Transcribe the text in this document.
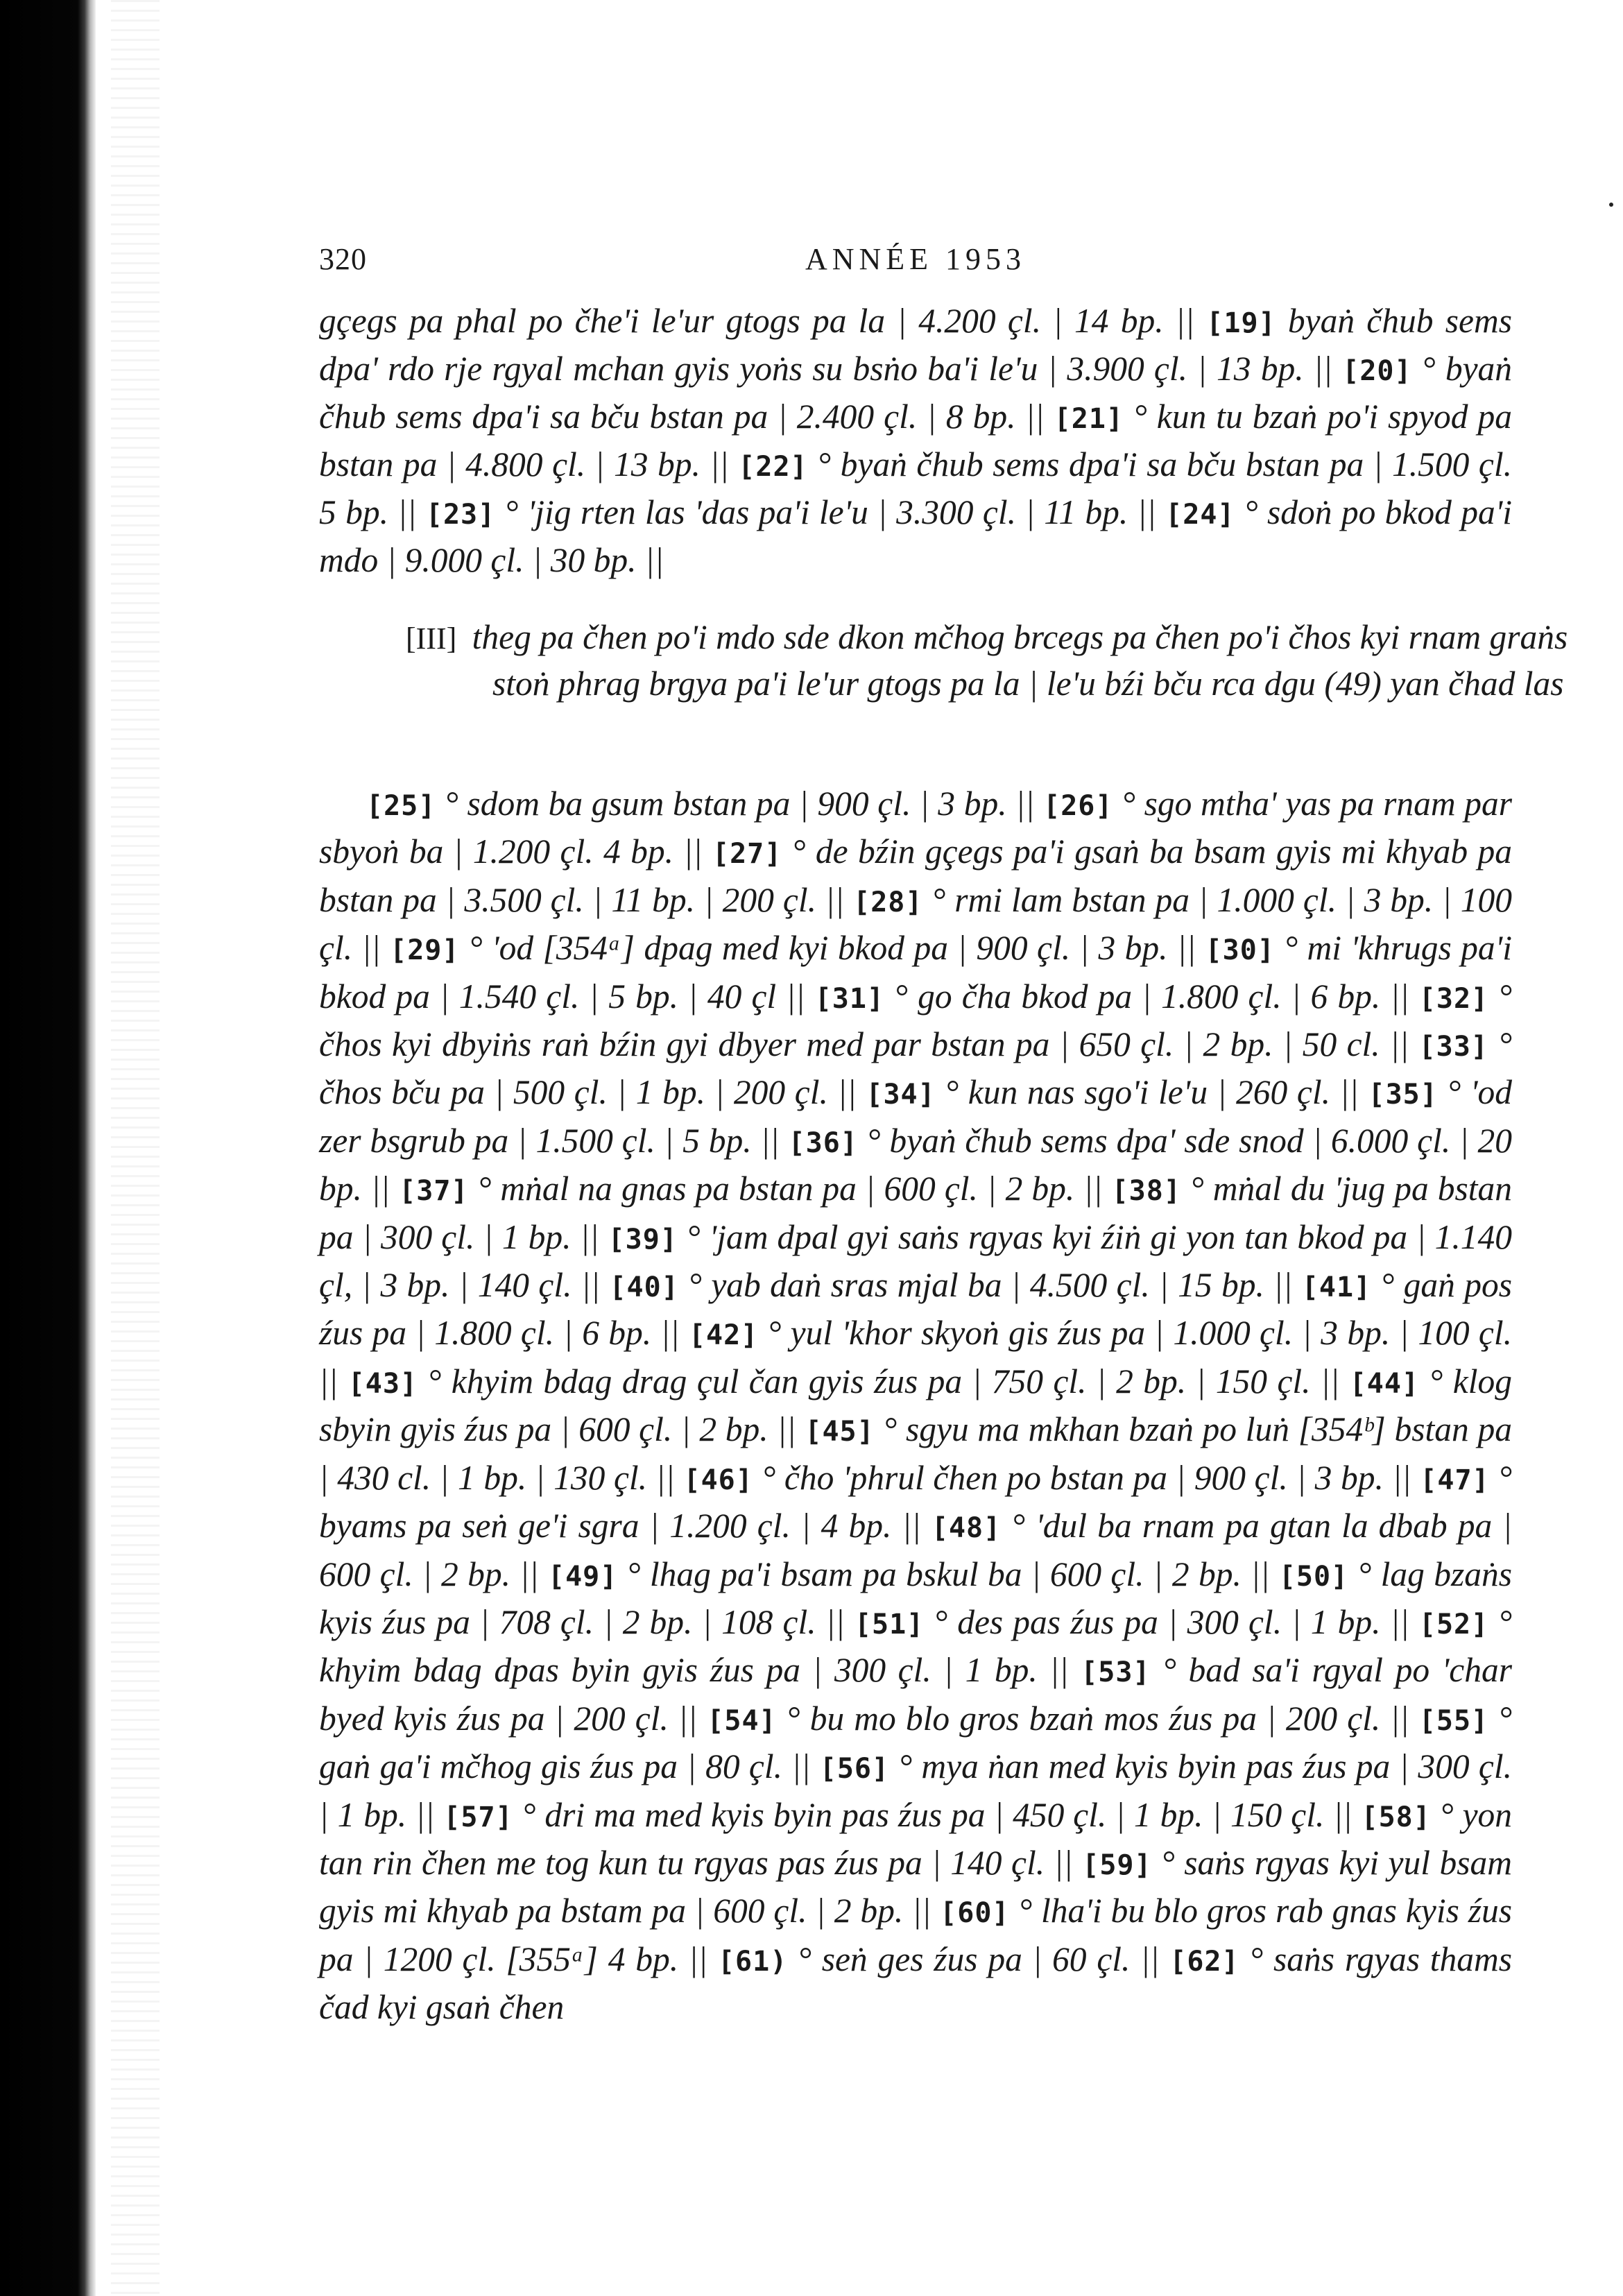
320	ANNÉE 1953
gçegs pa phal po čhe'i le'ur gtogs pa la | 4.200 çl. | 14 bp. || [19] byaṅ čhub sems dpa' rdo rje rgyal mchan gyis yoṅs su bsṅo ba'i le'u | 3.900 çl. | 13 bp. || [20] ° byaṅ čhub sems dpa'i sa bču bstan pa | 2.400 çl. | 8 bp. || [21] ° kun tu bzaṅ po'i spyod pa bstan pa | 4.800 çl. | 13 bp. || [22] ° byaṅ čhub sems dpa'i sa bču bstan pa | 1.500 çl. 5 bp. || [23] ° 'jig rten las 'das pa'i le'u | 3.300 çl. | 11 bp. || [24] ° sdoṅ po bkod pa'i mdo | 9.000 çl. | 30 bp. ||
[III] theg pa čhen po'i mdo sde dkon mčhog brcegs pa čhen po'i čhos kyi rnam graṅs stoṅ phrag brgya pa'i le'ur gtogs pa la | le'u bźi bču rca dgu (49) yan čhad las
[25] ° sdom ba gsum bstan pa | 900 çl. | 3 bp. || [26] ° sgo mtha' yas pa rnam par sbyoṅ ba | 1.200 çl. 4 bp. || [27] ° de bźin gçegs pa'i gsaṅ ba bsam gyis mi khyab pa bstan pa | 3.500 çl. | 11 bp. | 200 çl. || [28] ° rmi lam bstan pa | 1.000 çl. | 3 bp. | 100 çl. || [29] ° 'od [354ᵃ] dpag med kyi bkod pa | 900 çl. | 3 bp. || [30] ° mi 'khrugs pa'i bkod pa | 1.540 çl. | 5 bp. | 40 çl || [31] ° go čha bkod pa | 1.800 çl. | 6 bp. || [32] ° čhos kyi dbyiṅs raṅ bźin gyi dbyer med par bstan pa | 650 çl. | 2 bp. | 50 cl. || [33] ° čhos bču pa | 500 çl. | 1 bp. | 200 çl. || [34] ° kun nas sgo'i le'u | 260 çl. || [35] ° 'od zer bsgrub pa | 1.500 çl. | 5 bp. || [36] ° byaṅ čhub sems dpa' sde snod | 6.000 çl. | 20 bp. || [37] ° mṅal na gnas pa bstan pa | 600 çl. | 2 bp. || [38] ° mṅal du 'jug pa bstan pa | 300 çl. | 1 bp. || [39] ° 'jam dpal gyi saṅs rgyas kyi źiṅ gi yon tan bkod pa | 1.140 çl, | 3 bp. | 140 çl. || [40] ° yab daṅ sras mjal ba | 4.500 çl. | 15 bp. || [41] ° gaṅ pos źus pa | 1.800 çl. | 6 bp. || [42] ° yul 'khor skyoṅ gis źus pa | 1.000 çl. | 3 bp. | 100 çl. || [43] ° khyim bdag drag çul čan gyis źus pa | 750 çl. | 2 bp. | 150 çl. || [44] ° klog sbyin gyis źus pa | 600 çl. | 2 bp. || [45] ° sgyu ma mkhan bzaṅ po luṅ [354ᵇ] bstan pa | 430 cl. | 1 bp. | 130 çl. || [46] ° čho 'phrul čhen po bstan pa | 900 çl. | 3 bp. || [47] ° byams pa seṅ ge'i sgra | 1.200 çl. | 4 bp. || [48] ° 'dul ba rnam pa gtan la dbab pa | 600 çl. | 2 bp. || [49] ° lhag pa'i bsam pa bskul ba | 600 çl. | 2 bp. || [50] ° lag bzaṅs kyis źus pa | 708 çl. | 2 bp. | 108 çl. || [51] ° des pas źus pa | 300 çl. | 1 bp. || [52] ° khyim bdag dpas byin gyis źus pa | 300 çl. | 1 bp. || [53] ° bad sa'i rgyal po 'char byed kyis źus pa | 200 çl. || [54] ° bu mo blo gros bzaṅ mos źus pa | 200 çl. || [55] ° gaṅ ga'i mčhog gis źus pa | 80 çl. || [56] ° mya ṅan med kyis byin pas źus pa | 300 çl. | 1 bp. || [57] ° dri ma med kyis byin pas źus pa | 450 çl. | 1 bp. | 150 çl. || [58] ° yon tan rin čhen me tog kun tu rgyas pas źus pa | 140 çl. || [59] ° saṅs rgyas kyi yul bsam gyis mi khyab pa bstam pa | 600 çl. | 2 bp. || [60] ° lha'i bu blo gros rab gnas kyis źus pa | 1200 çl. [355ᵃ] 4 bp. || [61) ° seṅ ges źus pa | 60 çl. || [62] ° saṅs rgyas thams čad kyi gsaṅ čhen
